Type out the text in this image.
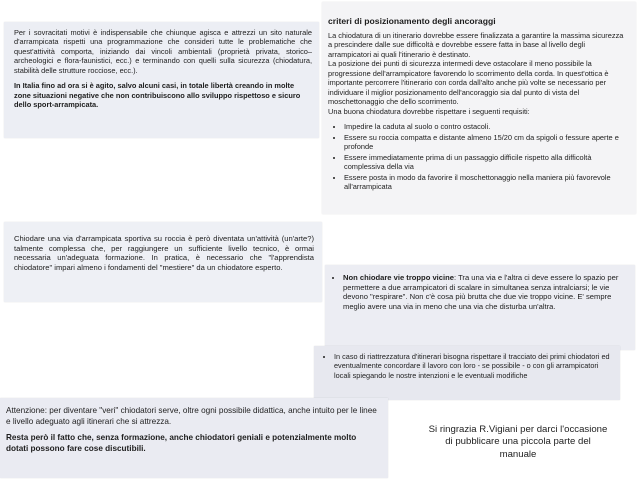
Per i sovracitati motivi è indispensabile che chiunque agisca e attrezzi un sito naturale d'arrampicata rispetti una programmazione che consideri tutte le problematiche che quest'attività comporta, iniziando dai vincoli ambientali (proprietà privata, storico–archeologici e flora-faunistici, ecc.) e terminando con quelli sulla sicurezza (chiodatura, stabilità delle strutture rocciose, ecc.).

In Italia fino ad ora si è agito, salvo alcuni casi, in totale libertà creando in molte zone situazioni negative che non contribuiscono allo sviluppo rispettoso e sicuro dello sport-arrampicata.

criteri di posizionamento degli ancoraggi

La chiodatura di un itinerario dovrebbe essere finalizzata a garantire la massima sicurezza a prescindere dalle sue difficoltà e dovrebbe essere fatta in base al livello degli arrampicatori ai quali l'itinerario è destinato.

La posizione dei punti di sicurezza intermedi deve ostacolare il meno possibile la progressione dell'arrampicatore favorendo lo scorrimento della corda. In quest'ottica è importante percorrere l'itinerario con corda dall'alto anche più volte se necessario per individuare il miglior posizionamento dell'ancoraggio sia dal punto di vista del moschettonaggio che dello scorrimento.

Una buona chiodatura dovrebbe rispettare i seguenti requisiti:

• Impedire la caduta al suolo o contro ostacoli.
• Essere su roccia compatta e distante almeno 15/20 cm da spigoli o fessure aperte e profonde
• Essere immediatamente prima di un passaggio difficile rispetto alla difficoltà complessiva della via
• Essere posta in modo da favorire il moschettonaggio nella maniera più favorevole all'arrampicata

Chiodare una via d'arrampicata sportiva su roccia è però diventata un'attività (un'arte?) talmente complessa che, per raggiungere un sufficiente livello tecnico, è ormai necessaria un'adeguata formazione. In pratica, è necessario che "l'apprendista chiodatore" impari almeno i fondamenti del "mestiere" da un chiodatore esperto.

• Non chiodare vie troppo vicine: Tra una via e l'altra ci deve essere lo spazio per permettere a due arrampicatori di scalare in simultanea senza intralciarsi; le vie devono "respirare". Non c'è cosa più brutta che due vie troppo vicine. E' sempre meglio avere una via in meno che una via che disturba un'altra.
• In caso di riattrezzatura d'itinerari bisogna rispettare il tracciato dei primi chiodatori ed eventualmente concordare il lavoro con loro - se possibile - o con gli arrampicatori locali spiegando le nostre intenzioni e le eventuali modifiche

Attenzione: per diventare "veri" chiodatori serve, oltre ogni possibile didattica, anche intuito per le linee e livello adeguato agli itinerari che si attrezza.

Resta però il fatto che, senza formazione, anche chiodatori geniali e potenzialmente molto dotati possono fare cose discutibili.

Si ringrazia R.Vigiani per darci l'occasione
di pubblicare una piccola parte del
manuale
